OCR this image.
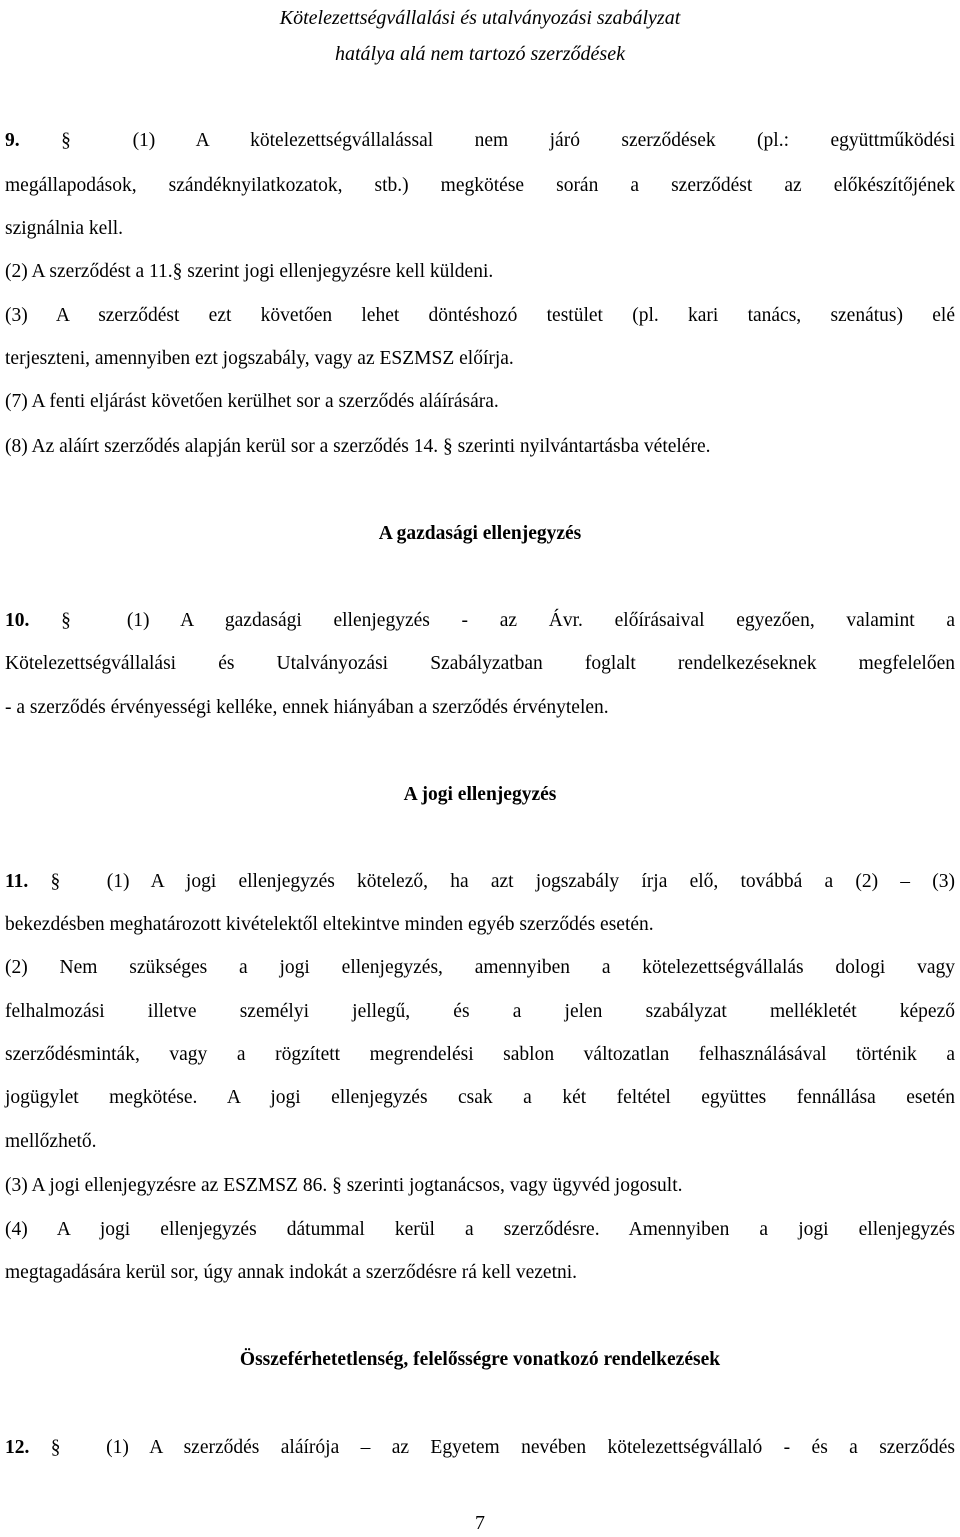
Kötelezettségvállalási és utalványozási szabályzat
hatálya alá nem tartozó szerződések
9. §	(1) A kötelezettségvállalással nem járó szerződések (pl.: együttműködési
megállapodások, szándéknyilatkozatok, stb.) megkötése során a szerződést az előkészítőjének
szignálnia kell.
(2) A szerződést a 11.§ szerint jogi ellenjegyzésre kell küldeni.
(3) A szerződést ezt követően lehet döntéshozó testület (pl. kari tanács, szenátus) elé
terjeszteni, amennyiben ezt jogszabály, vagy az ESZMSZ előírja.
(7) A fenti eljárást követően kerülhet sor a szerződés aláírására.
(8) Az aláírt szerződés alapján kerül sor a szerződés 14. § szerinti nyilvántartásba vételére.
A gazdasági ellenjegyzés
10. §	(1) A gazdasági ellenjegyzés - az Ávr. előírásaival egyezően, valamint a
Kötelezettségvállalási és Utalványozási Szabályzatban foglalt rendelkezéseknek megfelelően
- a szerződés érvényességi kelléke, ennek hiányában a szerződés érvénytelen.
A jogi ellenjegyzés
11. § (1) A jogi ellenjegyzés kötelező, ha azt jogszabály írja elő, továbbá a (2) – (3)
bekezdésben meghatározott kivételektől eltekintve minden egyéb szerződés esetén.
(2) Nem szükséges a jogi ellenjegyzés, amennyiben a kötelezettségvállalás dologi vagy
felhalmozási illetve személyi jellegű, és a jelen szabályzat mellékletét képező
szerződésminták, vagy a rögzített megrendelési sablon változatlan felhasználásával történik a
jogügylet megkötése. A jogi ellenjegyzés csak a két feltétel együttes fennállása esetén
mellőzhető.
(3) A jogi ellenjegyzésre az ESZMSZ 86. § szerinti jogtanácsos, vagy ügyvéd jogosult.
(4) A jogi ellenjegyzés dátummal kerül a szerződésre. Amennyiben a jogi ellenjegyzés
megtagadására kerül sor, úgy annak indokát a szerződésre rá kell vezetni.
Összeférhetetlenség, felelősségre vonatkozó rendelkezések
12. § (1) A szerződés aláírója – az Egyetem nevében kötelezettségvállaló - és a szerződés
7
